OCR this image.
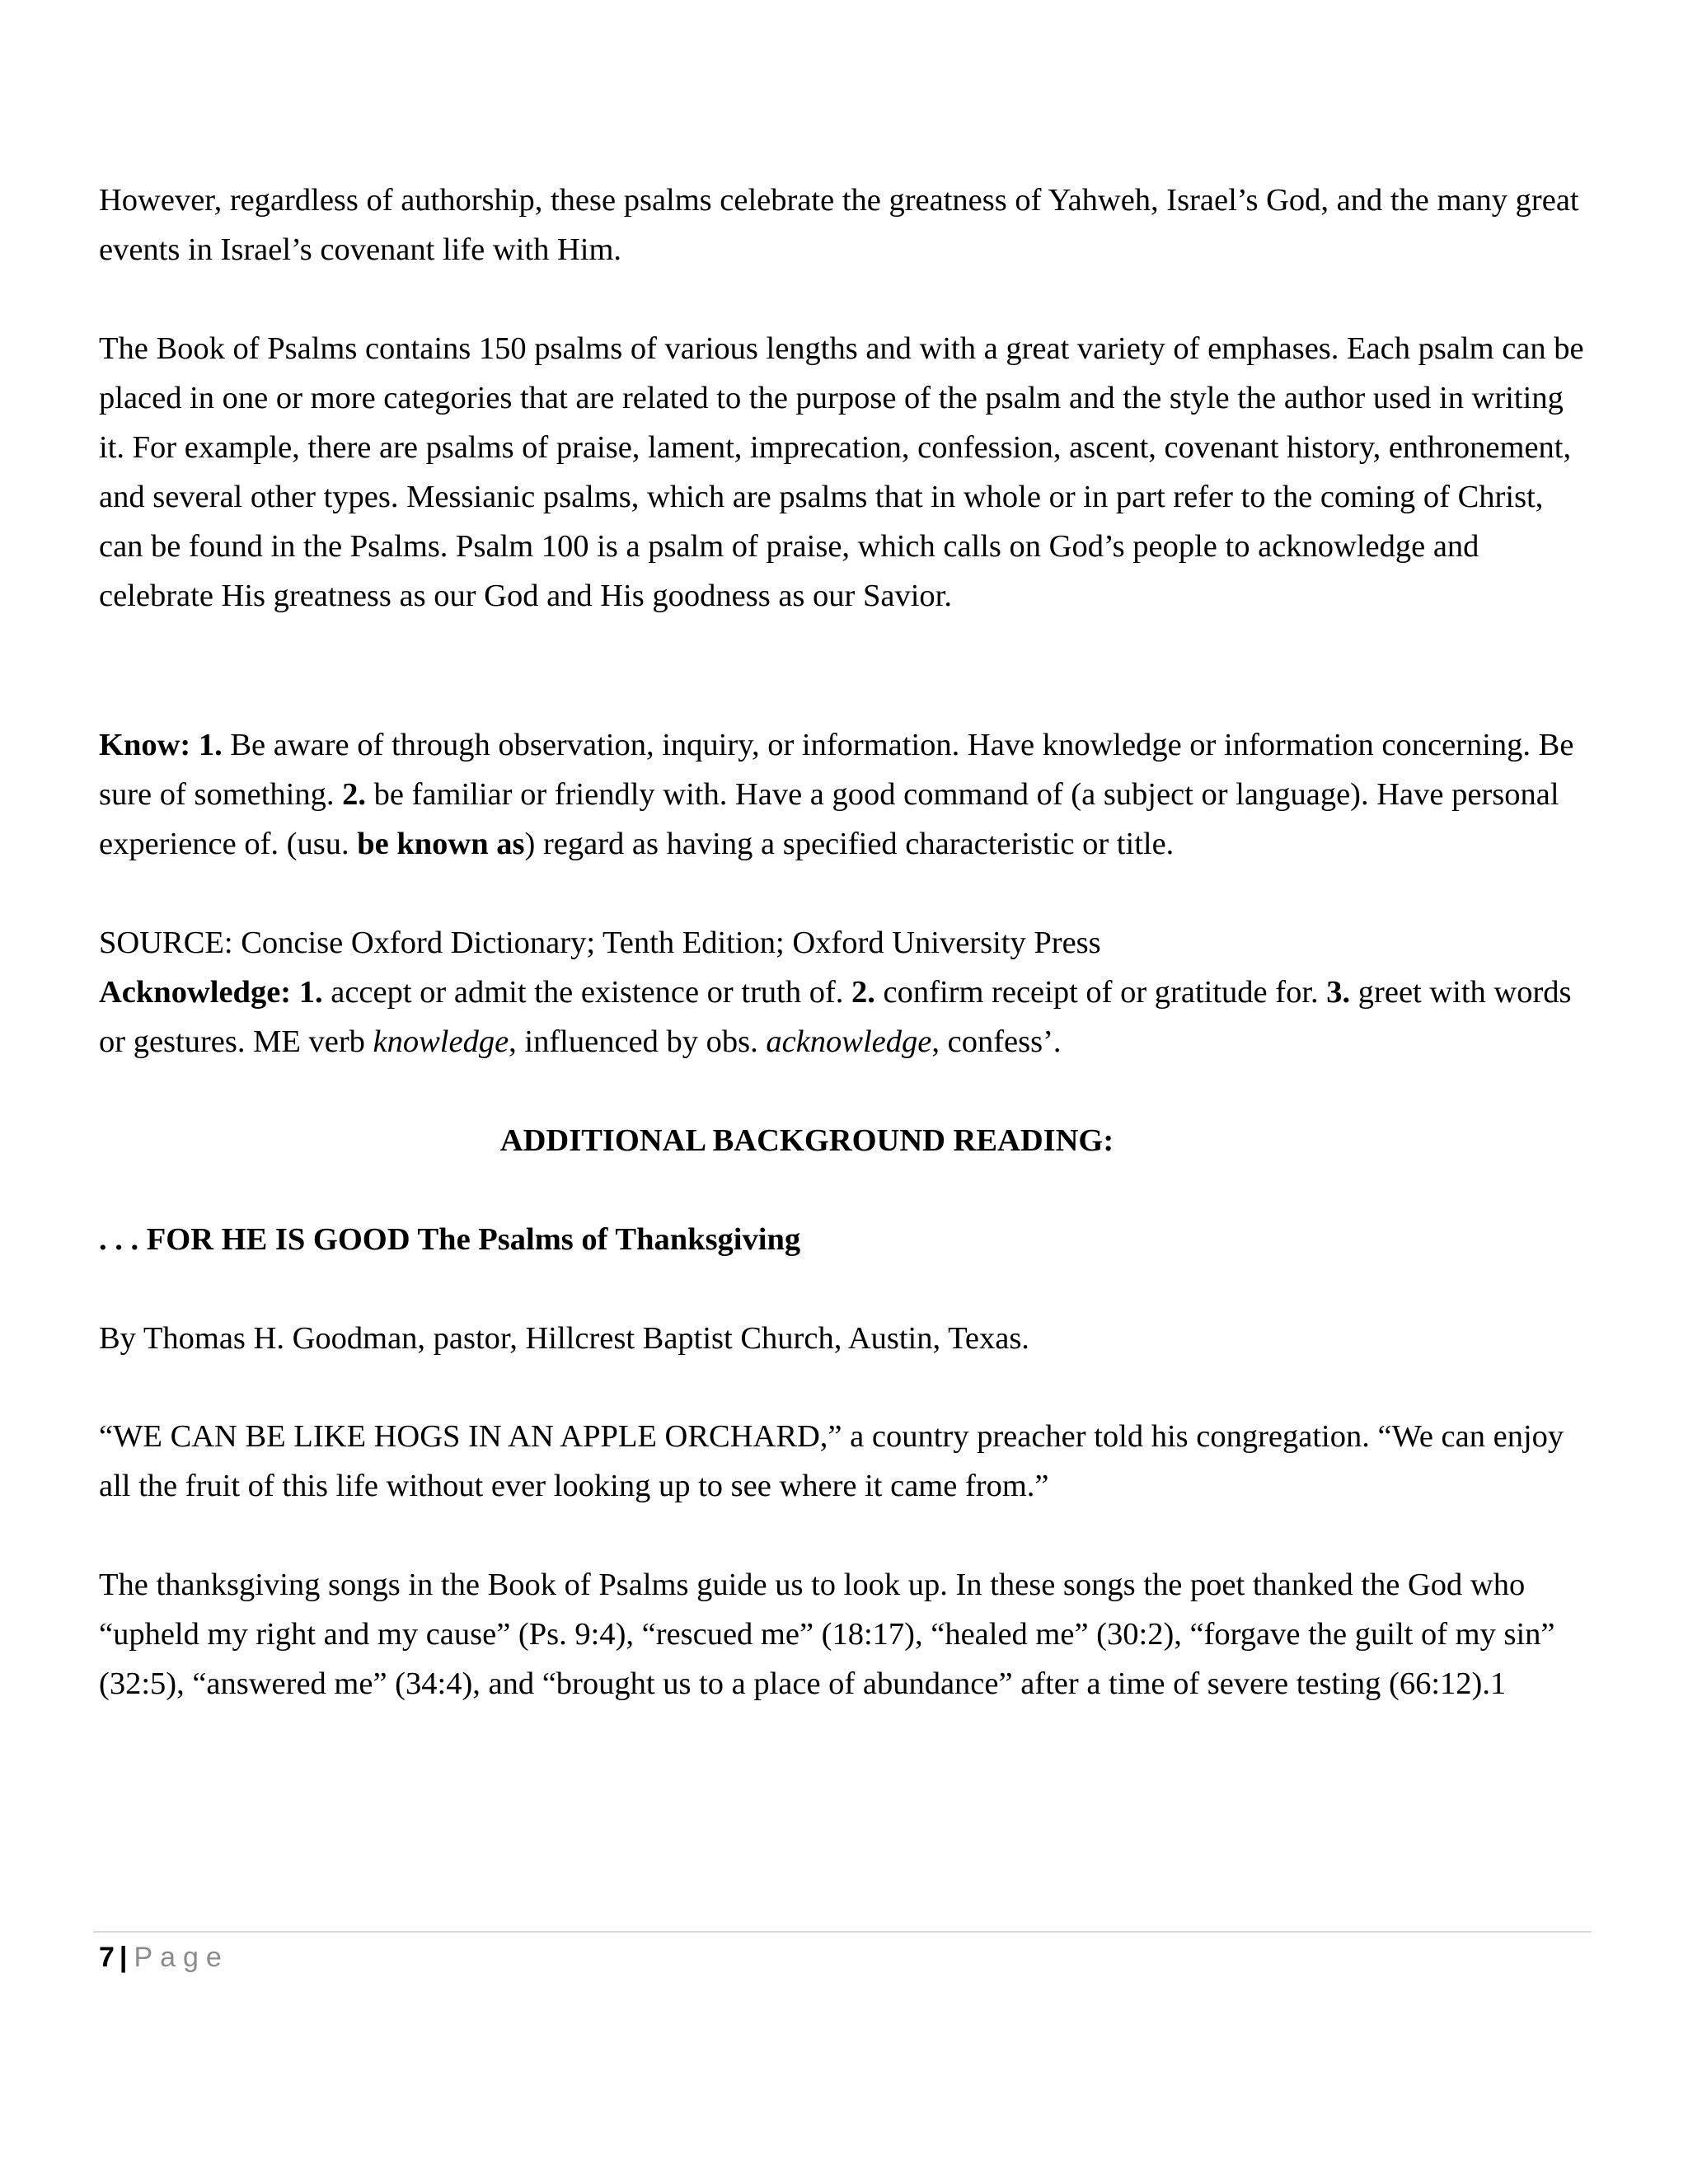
However, regardless of authorship, these psalms celebrate the greatness of Yahweh, Israel’s God, and the many great events in Israel’s covenant life with Him.

The Book of Psalms contains 150 psalms of various lengths and with a great variety of emphases. Each psalm can be placed in one or more categories that are related to the purpose of the psalm and the style the author used in writing it. For example, there are psalms of praise, lament, imprecation, confession, ascent, covenant history, enthronement, and several other types. Messianic psalms, which are psalms that in whole or in part refer to the coming of Christ, can be found in the Psalms. Psalm 100 is a psalm of praise, which calls on God’s people to acknowledge and celebrate His greatness as our God and His goodness as our Savior.

Know: 1. Be aware of through observation, inquiry, or information. Have knowledge or information concerning. Be sure of something. 2. be familiar or friendly with. Have a good command of (a subject or language). Have personal experience of. (usu. be known as) regard as having a specified characteristic or title.

SOURCE: Concise Oxford Dictionary; Tenth Edition; Oxford University Press

Acknowledge: 1. accept or admit the existence or truth of. 2. confirm receipt of or gratitude for. 3. greet with words or gestures. ME verb knowledge, influenced by obs. acknowledge, confess’.

ADDITIONAL BACKGROUND READING:

. . . FOR HE IS GOOD The Psalms of Thanksgiving

By Thomas H. Goodman, pastor, Hillcrest Baptist Church, Austin, Texas.

“WE CAN BE LIKE HOGS IN AN APPLE ORCHARD,” a country preacher told his congregation. “We can enjoy all the fruit of this life without ever looking up to see where it came from.”

The thanksgiving songs in the Book of Psalms guide us to look up. In these songs the poet thanked the God who “upheld my right and my cause” (Ps. 9:4), “rescued me” (18:17), “healed me” (30:2), “forgave the guilt of my sin” (32:5), “answered me” (34:4), and “brought us to a place of abundance” after a time of severe testing (66:12).1

7 | Page
